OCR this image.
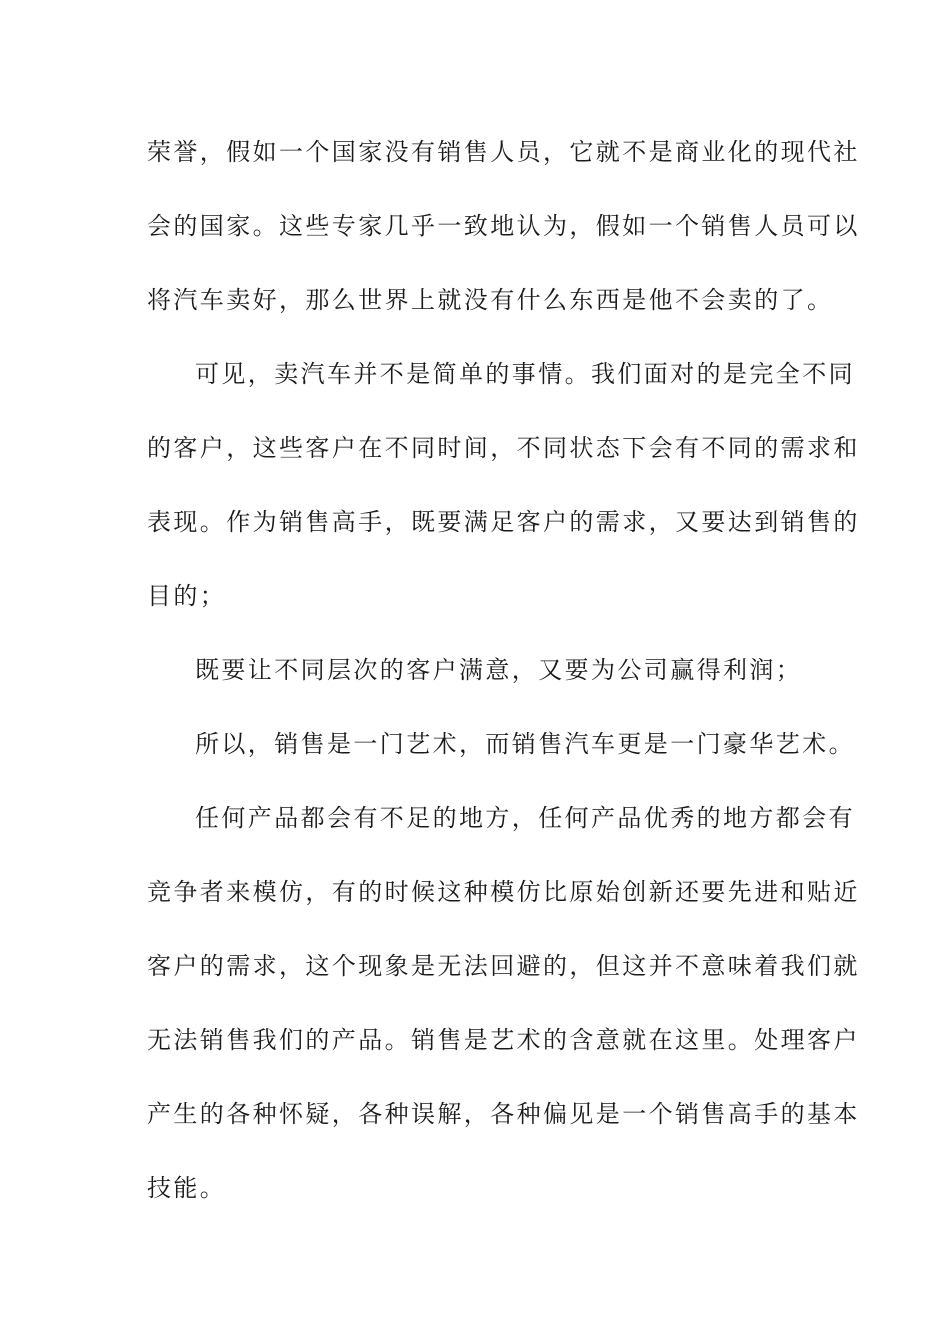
荣誉，假如一个国家没有销售人员，它就不是商业化的现代社
会的国家。这些专家几乎一致地认为，假如一个销售人员可以
将汽车卖好，那么世界上就没有什么东西是他不会卖的了。
可见，卖汽车并不是简单的事情。我们面对的是完全不同
的客户，这些客户在不同时间，不同状态下会有不同的需求和
表现。作为销售高手，既要满足客户的需求，又要达到销售的
目的；
既要让不同层次的客户满意，又要为公司赢得利润；
所以，销售是一门艺术，而销售汽车更是一门豪华艺术。
任何产品都会有不足的地方，任何产品优秀的地方都会有
竞争者来模仿，有的时候这种模仿比原始创新还要先进和贴近
客户的需求，这个现象是无法回避的，但这并不意味着我们就
无法销售我们的产品。销售是艺术的含意就在这里。处理客户
产生的各种怀疑，各种误解，各种偏见是一个销售高手的基本
技能。
